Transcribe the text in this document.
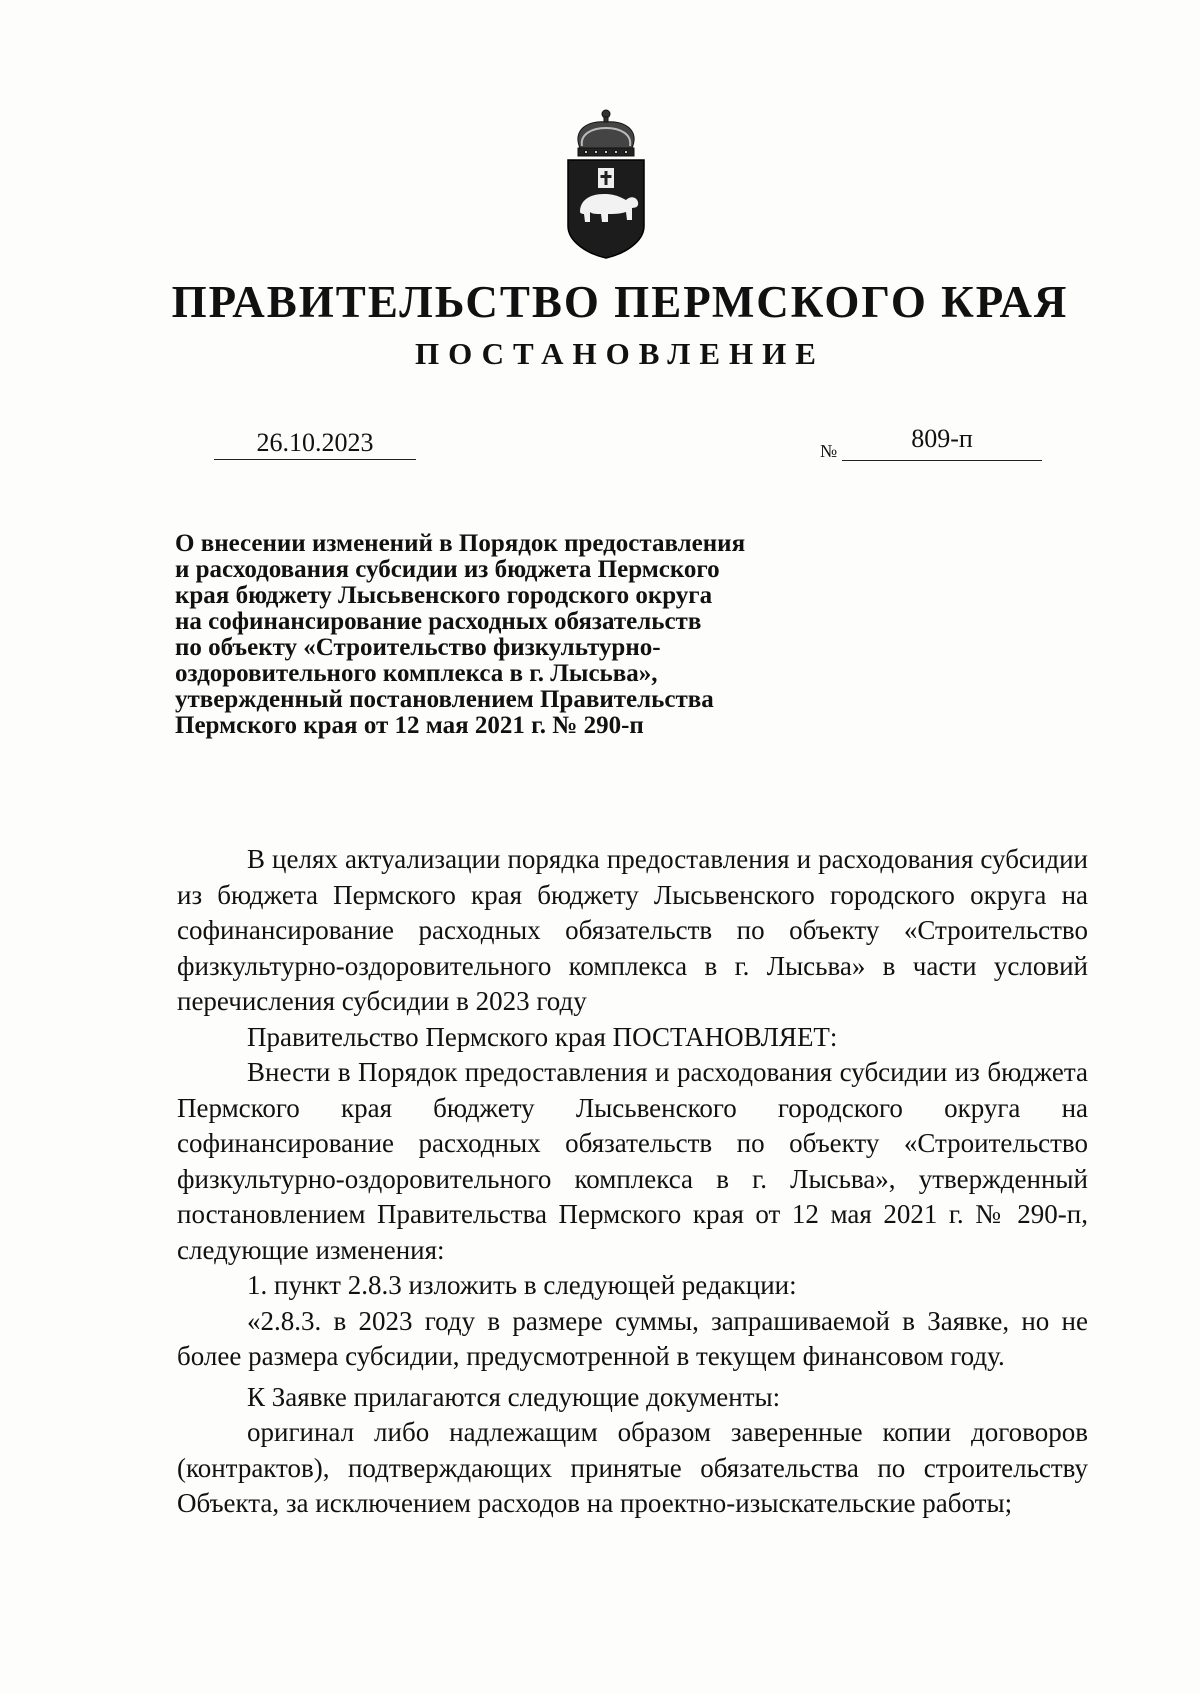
ПРАВИТЕЛЬСТВО ПЕРМСКОГО КРАЯ
ПОСТАНОВЛЕНИЕ
26.10.2023	№	809-п
О внесении изменений в Порядок предоставления
и расходования субсидии из бюджета Пермского
края бюджету Лысьвенского городского округа
на софинансирование расходных обязательств
по объекту «Строительство физкультурно-
оздоровительного комплекса в г. Лысьва»,
утвержденный постановлением Правительства
Пермского края от 12 мая 2021 г. № 290-п

В целях актуализации порядка предоставления и расходования субсидии из бюджета Пермского края бюджету Лысьвенского городского округа на софинансирование расходных обязательств по объекту «Строительство физкультурно-оздоровительного комплекса в г. Лысьва» в части условий перечисления субсидии в 2023 году

Правительство Пермского края ПОСТАНОВЛЯЕТ:

Внести в Порядок предоставления и расходования субсидии из бюджета Пермского края бюджету Лысьвенского городского округа на софинансирование расходных обязательств по объекту «Строительство физкультурно-оздоровительного комплекса в г. Лысьва», утвержденный постановлением Правительства Пермского края от 12 мая 2021 г. № 290-п, следующие изменения:

1. пункт 2.8.3 изложить в следующей редакции:

«2.8.3. в 2023 году в размере суммы, запрашиваемой в Заявке, но не более размера субсидии, предусмотренной в текущем финансовом году.

К Заявке прилагаются следующие документы:

оригинал либо надлежащим образом заверенные копии договоров (контрактов), подтверждающих принятые обязательства по строительству Объекта, за исключением расходов на проектно-изыскательские работы;
